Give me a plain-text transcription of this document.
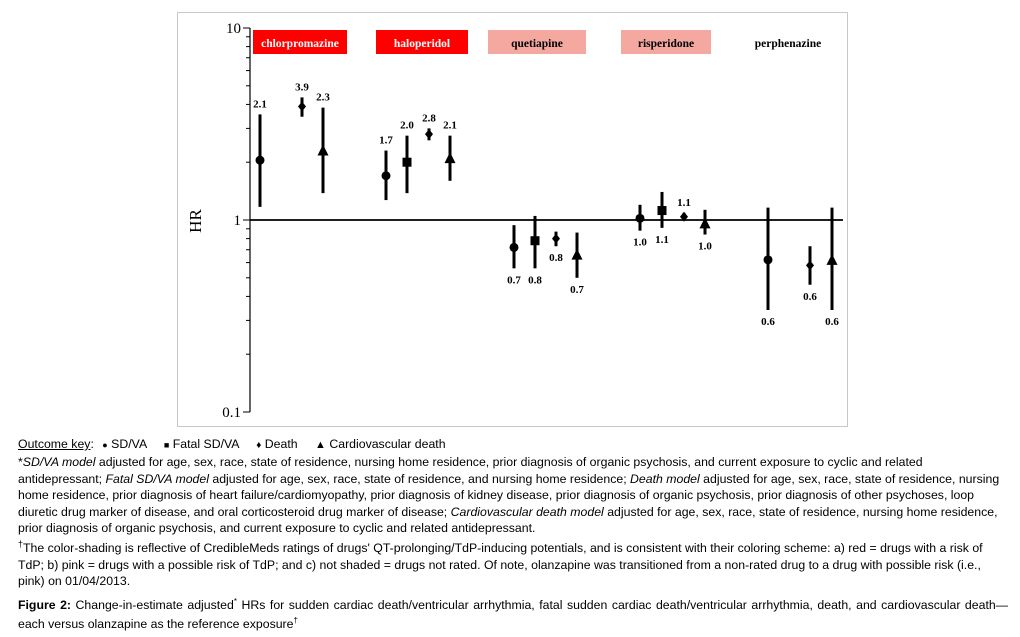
10
1
0.1
HR
chlorpromazine	haloperidol	quetiapine	risperidone	perphenazine
2.1
3.9
2.3
1.7
2.0
2.8
2.1
0.7 0.8
0.8
0.7
1.0 1.1
1.1
1.0
0.6
0.6
0.6

Outcome key: ● SD/VA ■ Fatal SD/VA ♦ Death ▲ Cardiovascular death

*SD/VA model adjusted for age, sex, race, state of residence, nursing home residence, prior diagnosis of organic psychosis, and current exposure to cyclic and related antidepressant; Fatal SD/VA model adjusted for age, sex, race, state of residence, and nursing home residence; Death model adjusted for age, sex, race, state of residence, nursing home residence, prior diagnosis of heart failure/cardiomyopathy, prior diagnosis of kidney disease, prior diagnosis of organic psychosis, prior diagnosis of other psychoses, loop diuretic drug marker of disease, and oral corticosteroid drug marker of disease; Cardiovascular death model adjusted for age, sex, race, state of residence, nursing home residence, prior diagnosis of organic psychosis, and current exposure to cyclic and related antidepressant.

†The color-shading is reflective of CredibleMeds ratings of drugs' QT-prolonging/TdP-inducing potentials, and is consistent with their coloring scheme: a) red = drugs with a risk of TdP; b) pink = drugs with a possible risk of TdP; and c) not shaded = drugs not rated. Of note, olanzapine was transitioned from a non-rated drug to a drug with possible risk (i.e., pink) on 01/04/2013.

Figure 2: Change-in-estimate adjusted* HRs for sudden cardiac death/ventricular arrhythmia, fatal sudden cardiac death/ventricular arrhythmia, death, and cardiovascular death—each versus olanzapine as the reference exposure†
